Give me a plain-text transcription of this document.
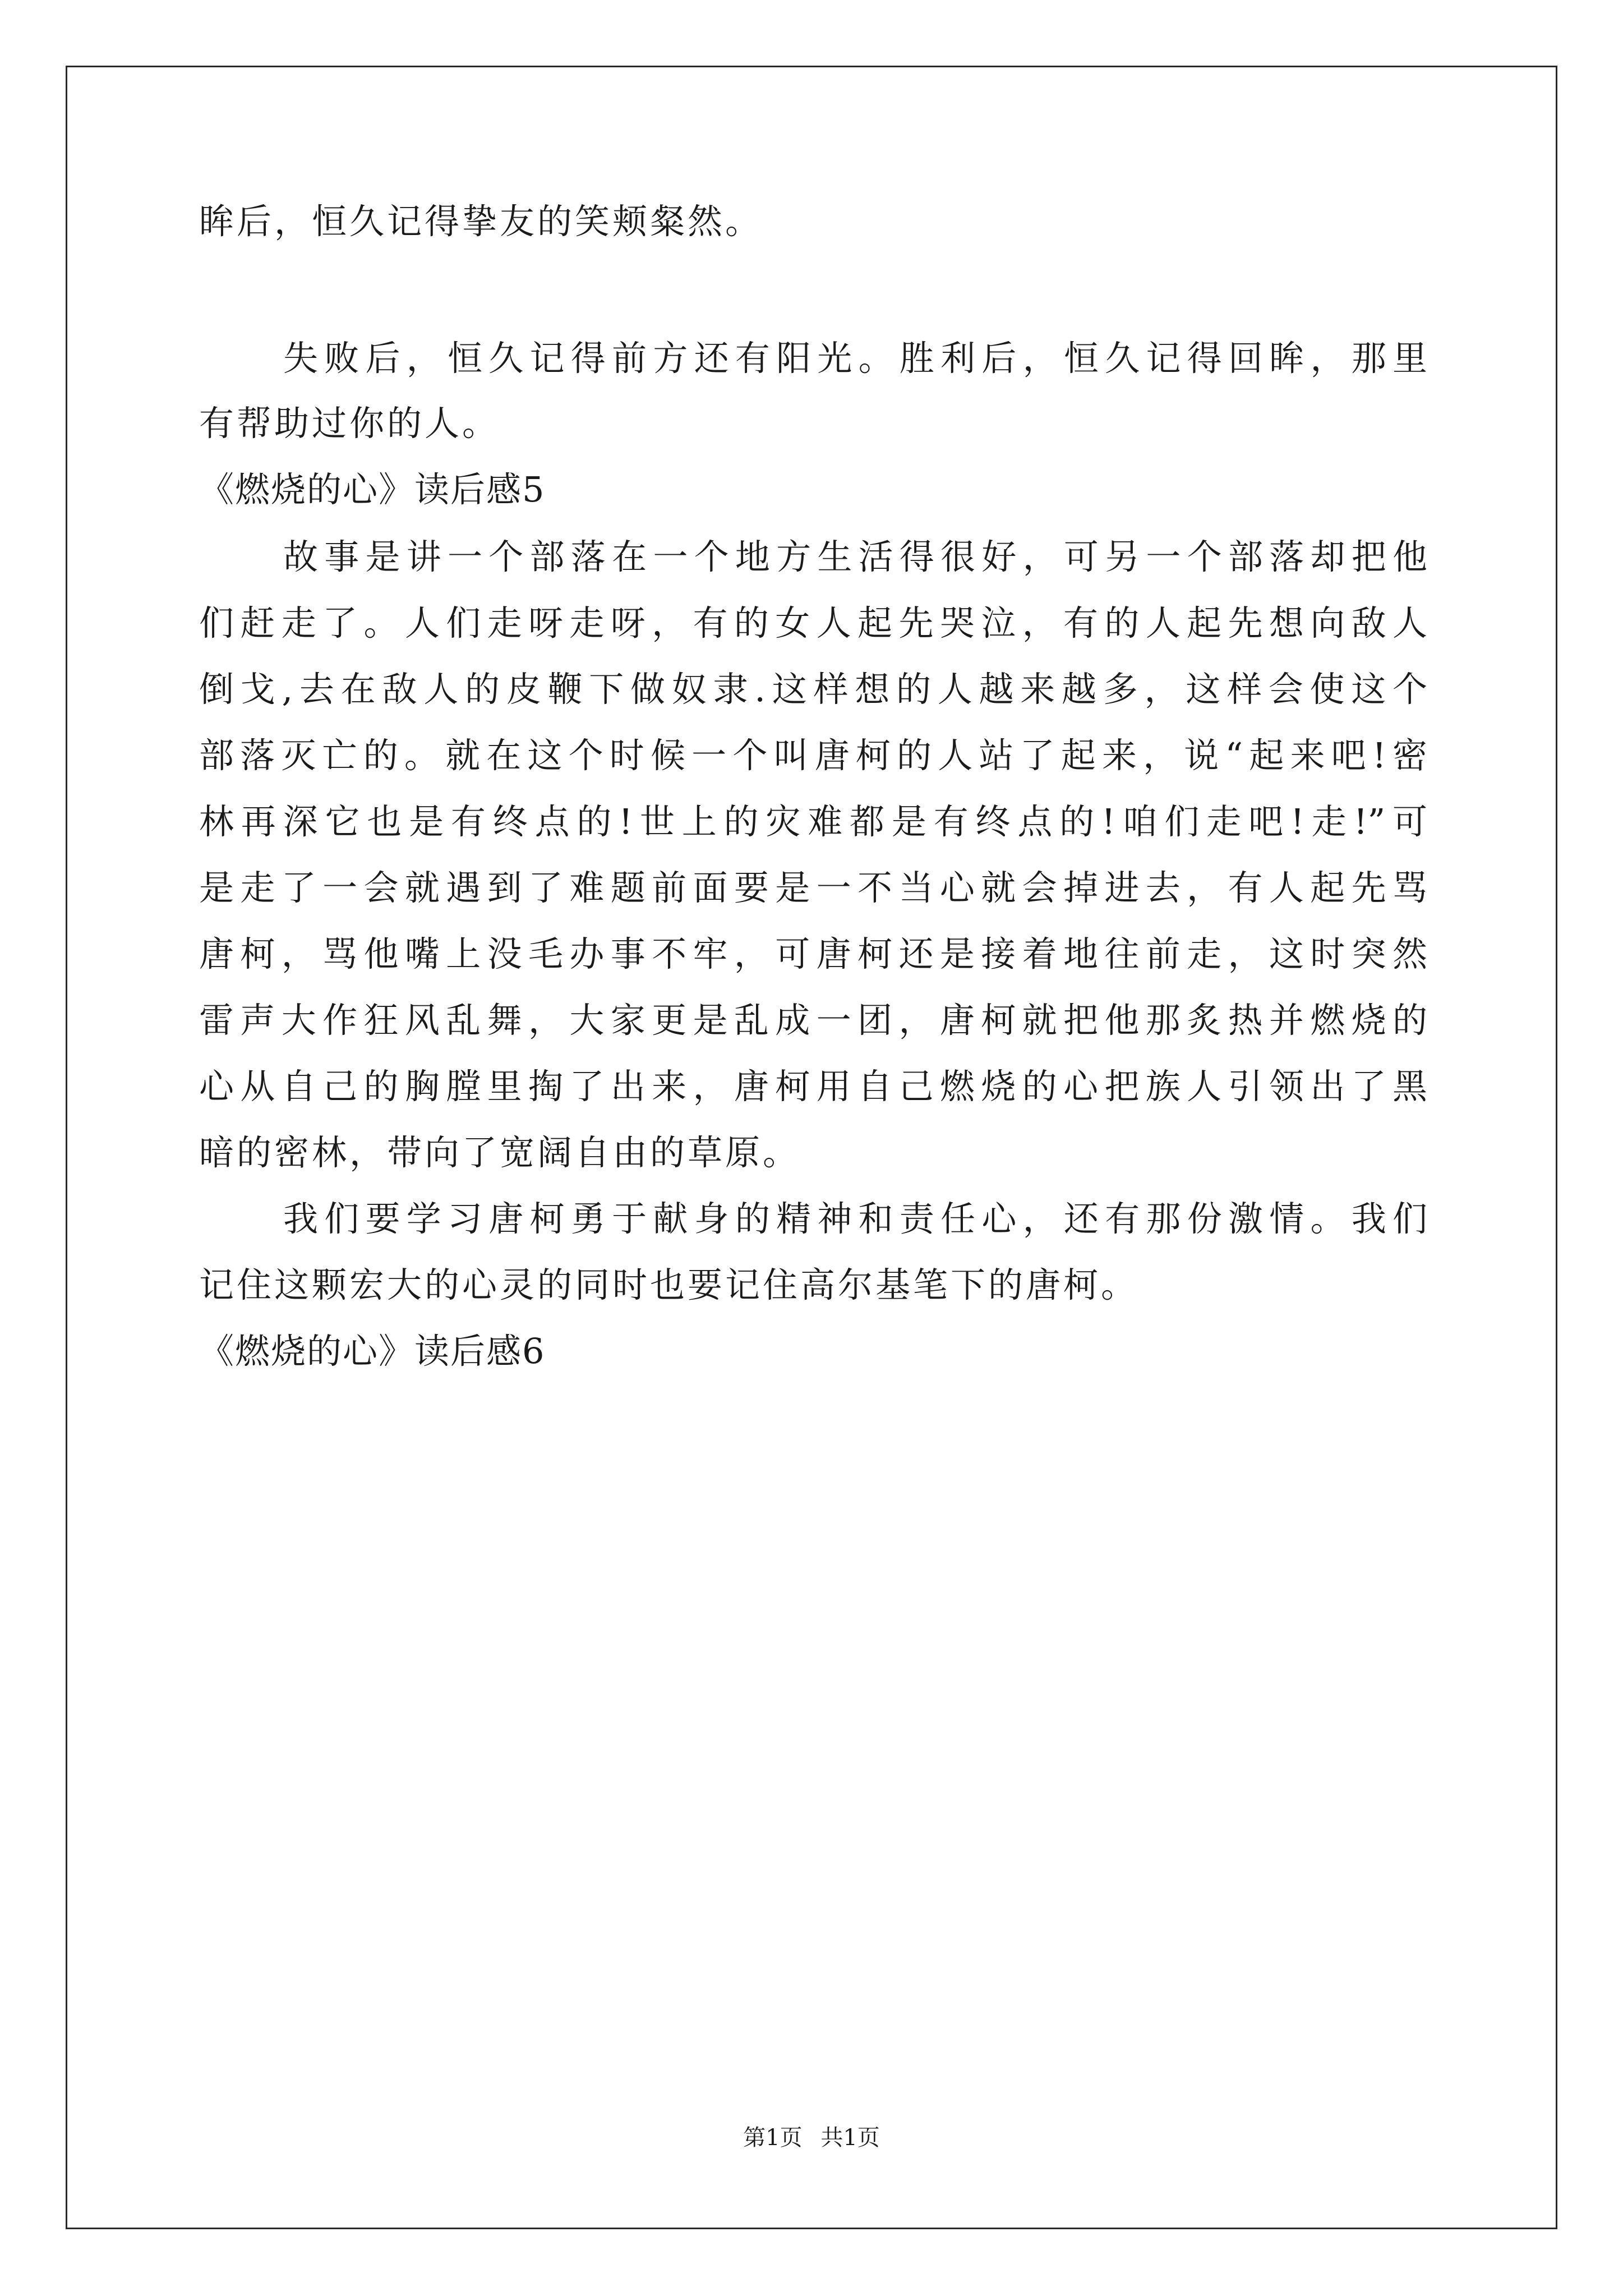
眸后，恒久记得挚友的笑颊粲然。
失败后，恒久记得前方还有阳光。胜利后，恒久记得回眸，那里
有帮助过你的人。
《燃烧的心》读后感5
故事是讲一个部落在一个地方生活得很好，可另一个部落却把他
们赶走了。人们走呀走呀，有的女人起先哭泣，有的人起先想向敌人
倒戈,去在敌人的皮鞭下做奴隶.这样想的人越来越多，这样会使这个
部落灭亡的。就在这个时候一个叫唐柯的人站了起来，说“起来吧!密
林再深它也是有终点的!世上的灾难都是有终点的!咱们走吧!走!”可
是走了一会就遇到了难题前面要是一不当心就会掉进去，有人起先骂
唐柯，骂他嘴上没毛办事不牢，可唐柯还是接着地往前走，这时突然
雷声大作狂风乱舞，大家更是乱成一团，唐柯就把他那炙热并燃烧的
心从自己的胸膛里掏了出来，唐柯用自己燃烧的心把族人引领出了黑
暗的密林，带向了宽阔自由的草原。
我们要学习唐柯勇于献身的精神和责任心，还有那份激情。我们
记住这颗宏大的心灵的同时也要记住高尔基笔下的唐柯。
《燃烧的心》读后感6
第1页 共1页
